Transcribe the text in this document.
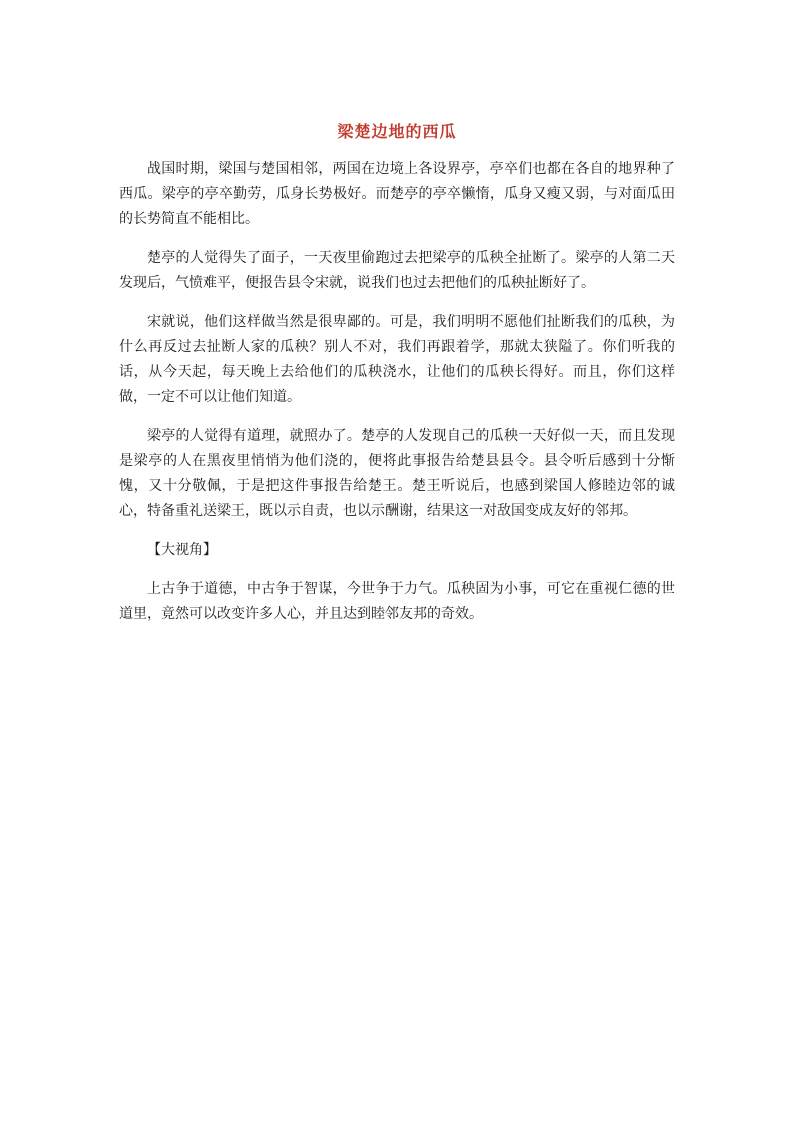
梁楚边地的西瓜

战国时期，梁国与楚国相邻，两国在边境上各设界亭，亭卒们也都在各自的地界种了西瓜。梁亭的亭卒勤劳，瓜身长势极好。而楚亭的亭卒懒惰，瓜身又瘦又弱，与对面瓜田的长势简直不能相比。

楚亭的人觉得失了面子，一天夜里偷跑过去把梁亭的瓜秧全扯断了。梁亭的人第二天发现后，气愤难平，便报告县令宋就，说我们也过去把他们的瓜秧扯断好了。

宋就说，他们这样做当然是很卑鄙的。可是，我们明明不愿他们扯断我们的瓜秧，为什么再反过去扯断人家的瓜秧？别人不对，我们再跟着学，那就太狭隘了。你们听我的话，从今天起，每天晚上去给他们的瓜秧浇水，让他们的瓜秧长得好。而且，你们这样做，一定不可以让他们知道。

梁亭的人觉得有道理，就照办了。楚亭的人发现自己的瓜秧一天好似一天，而且发现是梁亭的人在黑夜里悄悄为他们浇的，便将此事报告给楚县县令。县令听后感到十分惭愧，又十分敬佩，于是把这件事报告给楚王。楚王听说后，也感到梁国人修睦边邻的诚心，特备重礼送梁王，既以示自责，也以示酬谢，结果这一对敌国变成友好的邻邦。

【大视角】

上古争于道德，中古争于智谋，今世争于力气。瓜秧固为小事，可它在重视仁德的世道里，竟然可以改变许多人心，并且达到睦邻友邦的奇效。
